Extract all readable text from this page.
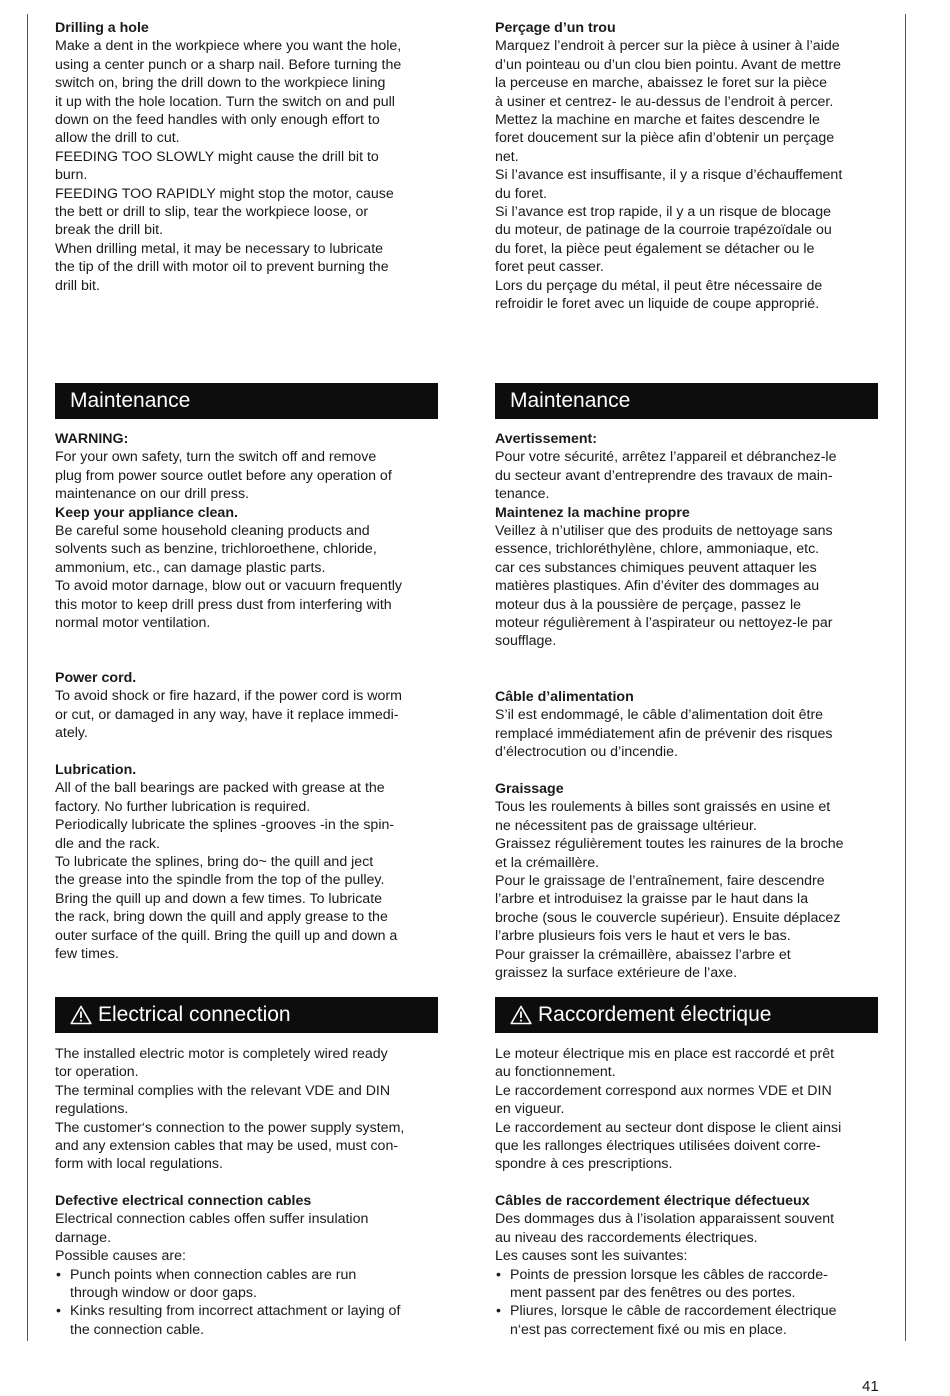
Drilling a hole

Make a dent in the workpiece where you want the hole,
using a center punch or a sharp nail. Before turning the
switch on, bring the drill down to the workpiece lining
it up with the hole location. Turn the switch on and pull
down on the feed handles with only enough effort to
allow the drill to cut.
FEEDING TOO SLOWLY might cause the drill bit to
burn.
FEEDING TOO RAPIDLY might stop the motor, cause
the bett or drill to slip, tear the workpiece loose, or
break the drill bit.
When drilling metal, it may be necessary to lubricate
the tip of the drill with motor oil to prevent burning the
drill bit.

Maintenance

WARNING:

For your own safety, turn the switch off and remove
plug from power source outlet before any operation of
maintenance on our drill press.

Keep your appliance clean.

Be careful some household cleaning products and
solvents such as benzine, trichloroethene, chloride,
ammonium, etc., can damage plastic parts.
To avoid motor darnage, blow out or vacuurn frequently
this motor to keep drill press dust from interfering with
normal motor ventilation.

Power cord.

To avoid shock or fire hazard, if the power cord is worm
or cut, or damaged in any way, have it replace immedi-
ately.

Lubrication.

All of the ball bearings are packed with grease at the
factory. No further lubrication is required.
Periodically lubricate the splines -grooves -in the spin-
dle and the rack.
To lubricate the splines, bring do~ the quill and ject
the grease into the spindle from the top of the pulley.
Bring the quill up and down a few times. To lubricate
the rack, bring down the quill and apply grease to the
outer surface of the quill. Bring the quill up and down a
few times.

Electrical connection

The installed electric motor is completely wired ready
tor operation.
The terminal complies with the relevant VDE and DIN
regulations.
The customer‘s connection to the power supply system,
and any extension cables that may be used, must con-
form with local regulations.

Defective electrical connection cables

Electrical connection cables offen suffer insulation
darnage.
Possible causes are:

• Punch points when connection cables are run
through window or door gaps.

• Kinks resulting from incorrect attachment or laying of
the connection cable.

Perçage d’un trou

Marquez l’endroit à percer sur la pièce à usiner à l’aide
d’un pointeau ou d’un clou bien pointu. Avant de mettre
la perceuse en marche, abaissez le foret sur la pièce
à usiner et centrez- le au-dessus de l’endroit à percer.
Mettez la machine en marche et faites descendre le
foret doucement sur la pièce afin d’obtenir un perçage
net.
Si l’avance est insuffisante, il y a risque d’échauffement
du foret.
Si l’avance est trop rapide, il y a un risque de blocage
du moteur, de patinage de la courroie trapézoïdale ou
du foret, la pièce peut également se détacher ou le
foret peut casser.
Lors du perçage du métal, il peut être nécessaire de
refroidir le foret avec un liquide de coupe approprié.

Maintenance

Avertissement:

Pour votre sécurité, arrêtez l’appareil et débranchez-le
du secteur avant d’entreprendre des travaux de main-
tenance.

Maintenez la machine propre

Veillez à n’utiliser que des produits de nettoyage sans
essence, trichloréthylène, chlore, ammoniaque, etc.
car ces substances chimiques peuvent attaquer les
matières plastiques. Afin d’éviter des dommages au
moteur dus à la poussière de perçage, passez le
moteur régulièrement à l’aspirateur ou nettoyez-le par
soufflage.

Câble d’alimentation

S’il est endommagé, le câble d’alimentation doit être
remplacé immédiatement afin de prévenir des risques
d’électrocution ou d’incendie.

Graissage

Tous les roulements à billes sont graissés en usine et
ne nécessitent pas de graissage ultérieur.
Graissez régulièrement toutes les rainures de la broche
et la crémaillère.
Pour le graissage de l’entraînement, faire descendre
l’arbre et introduisez la graisse par le haut dans la
broche (sous le couvercle supérieur). Ensuite déplacez
l’arbre plusieurs fois vers le haut et vers le bas.
Pour graisser la crémaillère, abaissez l’arbre et
graissez la surface extérieure de l’axe.

Raccordement électrique

Le moteur électrique mis en place est raccordé et prêt
au fonctionnement.
Le raccordement correspond aux normes VDE et DIN
en vigueur.
Le raccordement au secteur dont dispose le client ainsi
que les rallonges électriques utilisées doivent corre-
spondre à ces prescriptions.

Câbles de raccordement électrique défectueux

Des dommages dus à l’isolation apparaissent souvent
au niveau des raccordements électriques.
Les causes sont les suivantes:

• Points de pression lorsque les câbles de raccorde-
ment passent par des fenêtres ou des portes.

• Pliures, lorsque le câble de raccordement électrique
n‘est pas correctement fixé ou mis en place.

41
